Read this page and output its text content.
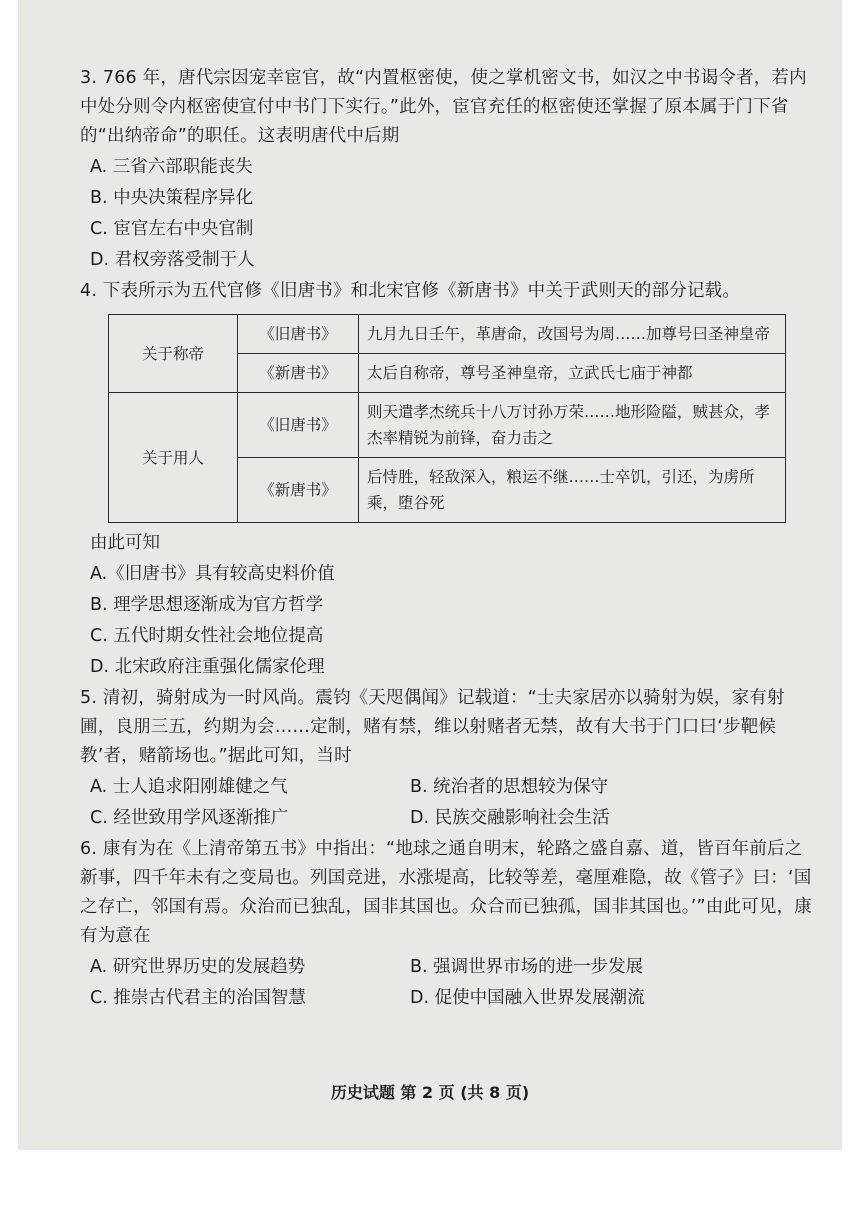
3. 766 年，唐代宗因宠幸宦官，故“内置枢密使，使之掌机密文书，如汉之中书谒令者，若内中处分则令内枢密使宣付中书门下实行。”此外，宦官充任的枢密使还掌握了原本属于门下省的“出纳帝命”的职任。这表明唐代中后期

A. 三省六部职能丧失
B. 中央决策程序异化
C. 宦官左右中央官制
D. 君权旁落受制于人

4. 下表所示为五代官修《旧唐书》和北宋官修《新唐书》中关于武则天的部分记载。

关于称帝	《旧唐书》	九月九日壬午，革唐命，改国号为周……加尊号曰圣神皇帝
	《新唐书》	太后自称帝，尊号圣神皇帝，立武氏七庙于神都
关于用人	《旧唐书》	则天遣孝杰统兵十八万讨孙万荣……地形险隘，贼甚众，孝杰率精锐为前锋，奋力击之
	《新唐书》	后恃胜，轻敌深入，粮运不继……士卒饥，引还，为虏所乘，堕谷死
由此可知
A.《旧唐书》具有较高史料价值
B. 理学思想逐渐成为官方哲学
C. 五代时期女性社会地位提高
D. 北宋政府注重强化儒家伦理

5. 清初，骑射成为一时风尚。震钧《天咫偶闻》记载道：“士夫家居亦以骑射为娱，家有射圃，良朋三五，约期为会……定制，赌有禁，维以射赌者无禁，故有大书于门口曰‘步靶候教’者，赌箭场也。”据此可知，当时

A. 士人追求阳刚雄健之气	B. 统治者的思想较为保守
C. 经世致用学风逐渐推广	D. 民族交融影响社会生活

6. 康有为在《上清帝第五书》中指出：“地球之通自明末，轮路之盛自嘉、道，皆百年前后之新事，四千年未有之变局也。列国竞进，水涨堤高，比较等差，毫厘难隐，故《管子》曰：‘国之存亡，邻国有焉。众治而已独乱，国非其国也。众合而已独孤，国非其国也。’”由此可见，康有为意在

A. 研究世界历史的发展趋势	B. 强调世界市场的进一步发展
C. 推崇古代君主的治国智慧	D. 促使中国融入世界发展潮流
历史试题 第 2 页 (共 8 页)
